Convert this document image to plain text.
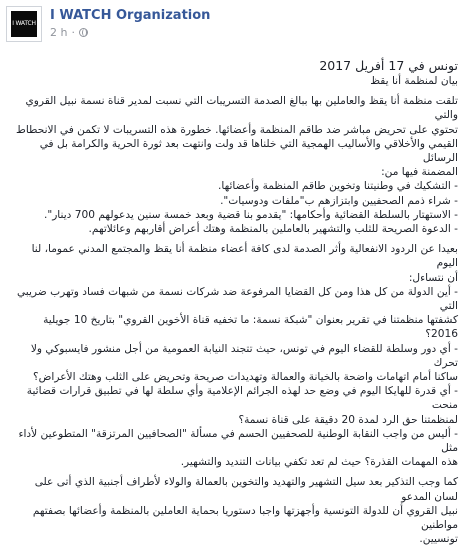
I WATCH
I WATCH Organization
2 h ·

تونس في 17 أفريل 2017

بيان لمنظمة أنا يقظ

تلقت منظمة أنا يقظ والعاملين بها ببالغ الصدمة التسريبات التي نسبت لمدير قناة نسمة نبيل القروي والتي

تحتوي على تحريض مباشر ضد طاقم المنظمة وأعضائها. خطورة هذه التسريبات لا تكمن في الانحطاط

القيمي والأخلاقي والأساليب الهمجية التي خلناها قد ولت وانتهت بعد ثورة الحرية والكرامة بل في الرسائل

المضمنة فيها من:

- التشكيك في وطنيتنا وتخوين طاقم المنظمة وأعضائها.

- شراء ذمم الصحفيين وابتزازهم ب"ملفات ودوسيات".

- الاستهتار بالسلطة القضائية وأحكامها: "يقدمو بنا قضية وبعد خمسة سنين يدعولهم 700 دينار".

- الدعوة الصريحة للثلب والتشهير بالعاملين بالمنظمة وهتك أعراض أقاربهم وعائلاتهم.

بعيدا عن الردود الانفعالية وأثر الصدمة لدى كافة أعضاء منظمة أنا يقظ والمجتمع المدني عموما، لنا اليوم

أن نتساءل:

- أين الدولة من كل هذا ومن كل القضايا المرفوعة ضد شركات نسمة من شبهات فساد وتهرب ضريبي التي

كشفتها منظمتنا في تقرير بعنوان "شبكة نسمة: ما تخفيه قناة الأخوين القروي" بتاريخ 10 جويلية 2016؟

- أي دور وسلطة للقضاء اليوم في تونس، حيث تتجند النيابة العمومية من أجل منشور فايسبوكي ولا تحرك

ساكنا أمام اتهامات واضحة بالخيانة والعمالة وتهديدات صريحة وتحريض على الثلب وهتك الأعراض؟

- أي قدرة للهايكا اليوم في وضع حد لهذه الجرائم الإعلامية وأي سلطة لها في تطبيق قرارات قضائية منحت

لمنظمتنا حق الرد لمدة 20 دقيقة على قناة نسمة؟

- أليس من واجب النقابة الوطنية للصحفيين الحسم في مسألة "الصحافيين المرتزقة" المتطوعين لأداء مثل

هذه المهمات القذرة؟ حيث لم تعد تكفي بيانات التنديد والتشهير.

كما وجب التذكير بعد سيل التشهير والتهديد والتخوين بالعمالة والولاء لأطراف أجنبية الذي أتى على لسان المدعو

نبيل القروي أن للدولة التونسية وأجهزتها واجبا دستوريا بحماية العاملين بالمنظمة وأعضائها بصفتهم مواطنين

تونسيين.
